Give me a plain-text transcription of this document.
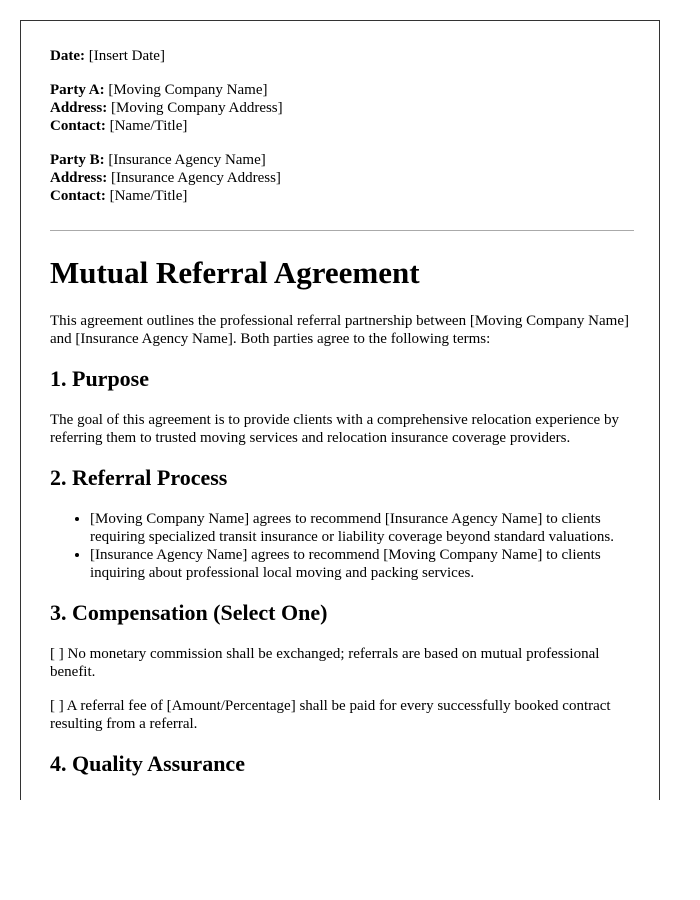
Date: [Insert Date]
Party A: [Moving Company Name]
Address: [Moving Company Address]
Contact: [Name/Title]
Party B: [Insurance Agency Name]
Address: [Insurance Agency Address]
Contact: [Name/Title]
Mutual Referral Agreement

This agreement outlines the professional referral partnership between [Moving Company Name] and [Insurance Agency Name]. Both parties agree to the following terms:

1. Purpose

The goal of this agreement is to provide clients with a comprehensive relocation experience by referring them to trusted moving services and relocation insurance coverage providers.

2. Referral Process
• [Moving Company Name] agrees to recommend [Insurance Agency Name] to clients requiring specialized transit insurance or liability coverage beyond standard valuations.
• [Insurance Agency Name] agrees to recommend [Moving Company Name] to clients inquiring about professional local moving and packing services.
3. Compensation (Select One)

[ ] No monetary commission shall be exchanged; referrals are based on mutual professional benefit.

[ ] A referral fee of [Amount/Percentage] shall be paid for every successfully booked contract resulting from a referral.

4. Quality Assurance
